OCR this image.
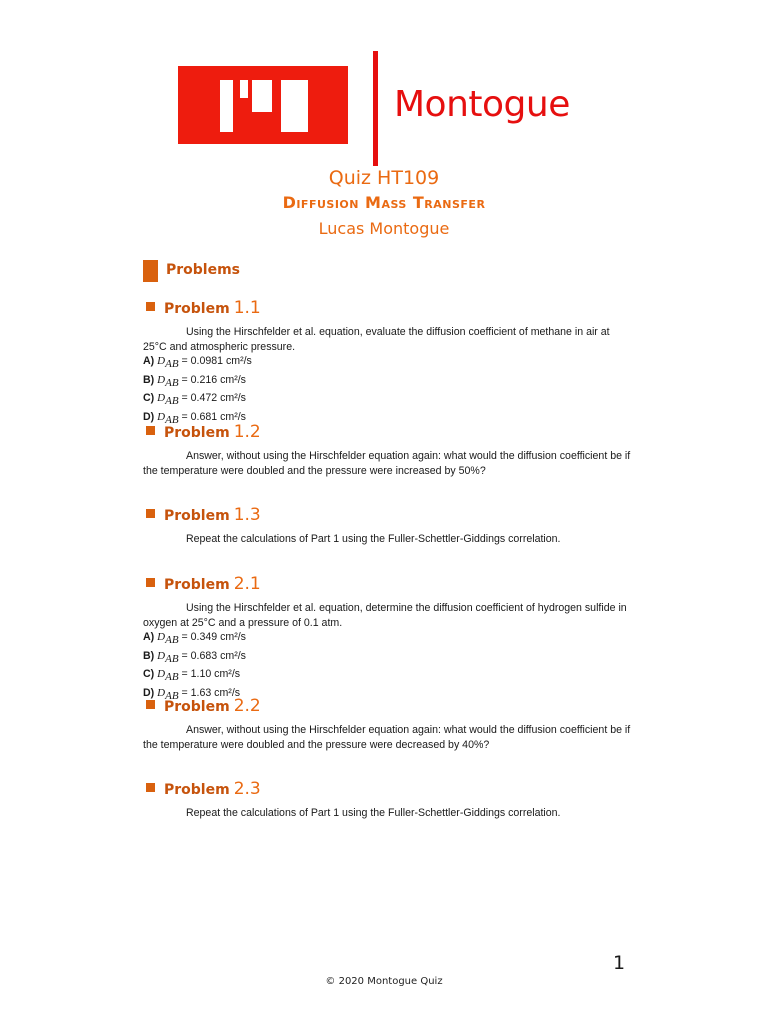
Montogue
Quiz HT109
Diffusion Mass Transfer
Lucas Montogue
Problems
Problem 1.1
Using the Hirschfelder et al. equation, evaluate the diffusion coefficient of methane in air at 25°C and atmospheric pressure.
A) $D_{AB} = 0.0981$ cm²/s
B) $D_{AB} = 0.216$ cm²/s
C) $D_{AB} = 0.472$ cm²/s
D) $D_{AB} = 0.681$ cm²/s
Problem 1.2
Answer, without using the Hirschfelder equation again: what would the diffusion coefficient be if the temperature were doubled and the pressure were increased by 50%?
Problem 1.3
Repeat the calculations of Part 1 using the Fuller-Schettler-Giddings correlation.
Problem 2.1
Using the Hirschfelder et al. equation, determine the diffusion coefficient of hydrogen sulfide in oxygen at 25°C and a pressure of 0.1 atm.
A) $D_{AB} = 0.349$ cm²/s
B) $D_{AB} = 0.683$ cm²/s
C) $D_{AB} = 1.10$ cm²/s
D) $D_{AB} = 1.63$ cm²/s
Problem 2.2
Answer, without using the Hirschfelder equation again: what would the diffusion coefficient be if the temperature were doubled and the pressure were decreased by 40%?
Problem 2.3
Repeat the calculations of Part 1 using the Fuller-Schettler-Giddings correlation.
1
© 2020 Montogue Quiz
